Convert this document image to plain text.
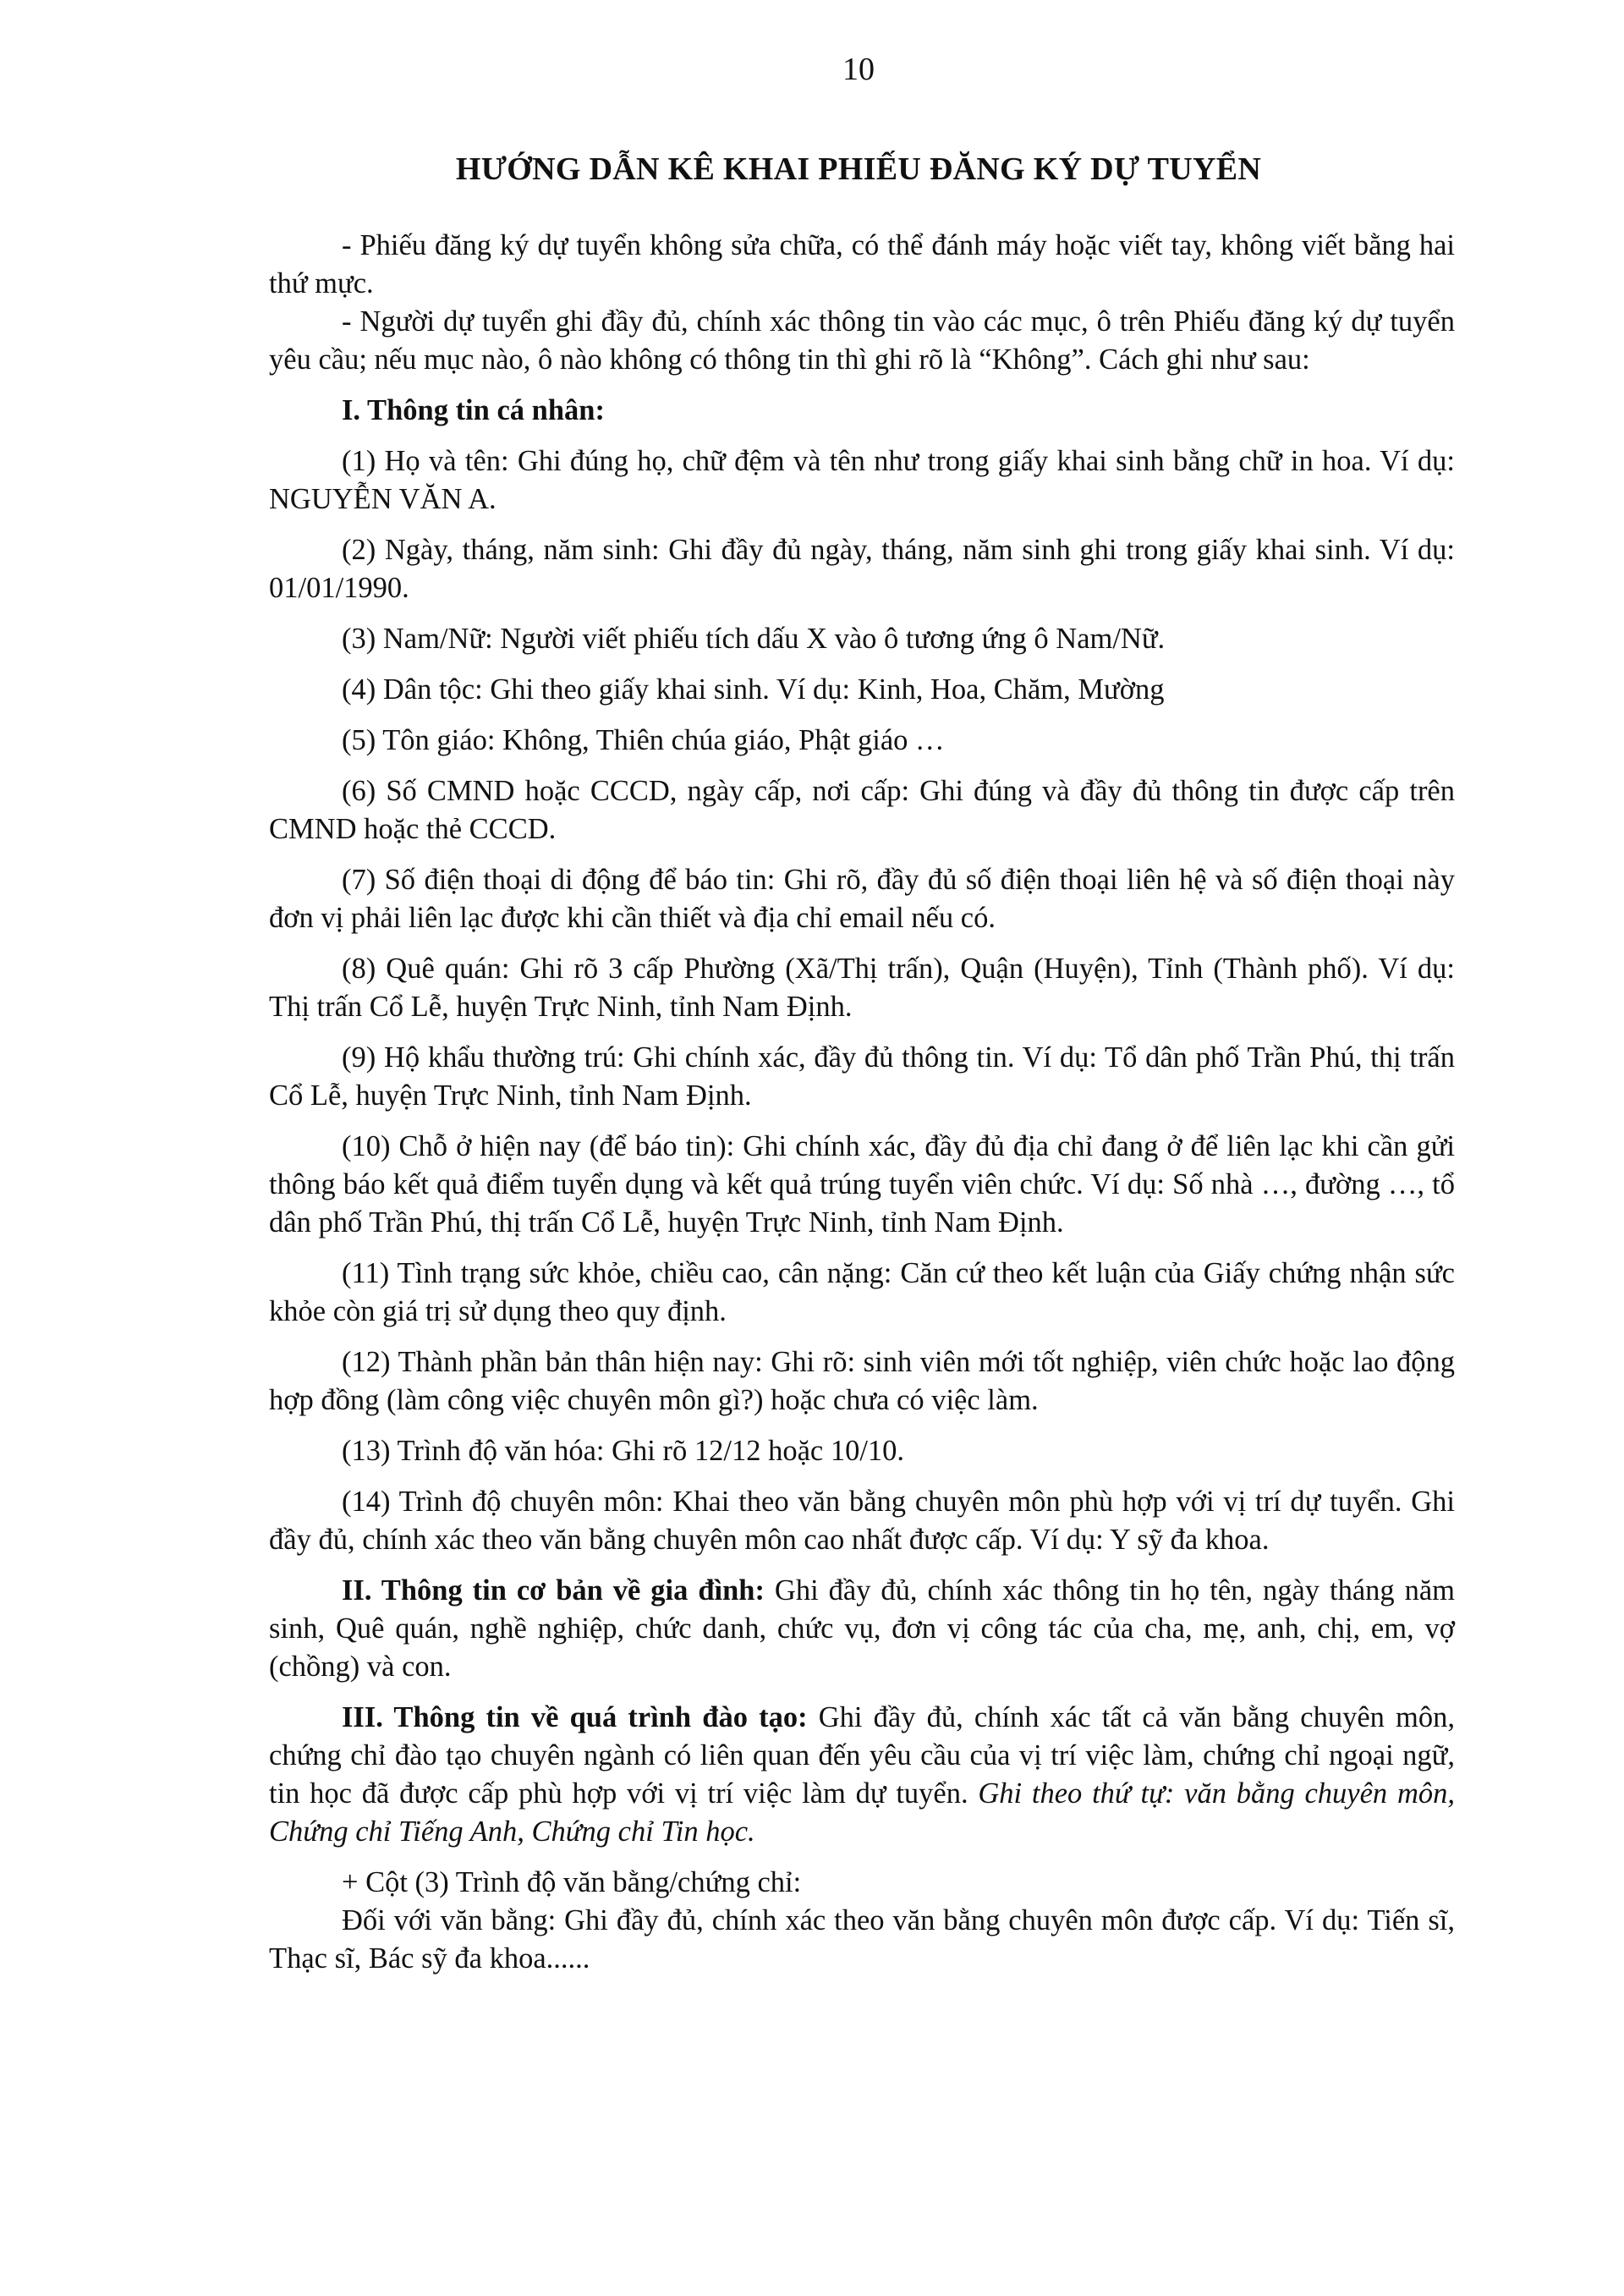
10
HƯỚNG DẪN KÊ KHAI PHIẾU ĐĂNG KÝ DỰ TUYỂN

- Phiếu đăng ký dự tuyển không sửa chữa, có thể đánh máy hoặc viết tay, không viết bằng hai thứ mực.

- Người dự tuyển ghi đầy đủ, chính xác thông tin vào các mục, ô trên Phiếu đăng ký dự tuyển yêu cầu; nếu mục nào, ô nào không có thông tin thì ghi rõ là “Không”. Cách ghi như sau:

I. Thông tin cá nhân:

(1) Họ và tên: Ghi đúng họ, chữ đệm và tên như trong giấy khai sinh bằng chữ in hoa. Ví dụ: NGUYỄN VĂN A.

(2) Ngày, tháng, năm sinh: Ghi đầy đủ ngày, tháng, năm sinh ghi trong giấy khai sinh. Ví dụ: 01/01/1990.

(3) Nam/Nữ: Người viết phiếu tích dấu X vào ô tương ứng ô Nam/Nữ.

(4) Dân tộc: Ghi theo giấy khai sinh. Ví dụ: Kinh, Hoa, Chăm, Mường

(5) Tôn giáo: Không, Thiên chúa giáo, Phật giáo …

(6) Số CMND hoặc CCCD, ngày cấp, nơi cấp: Ghi đúng và đầy đủ thông tin được cấp trên CMND hoặc thẻ CCCD.

(7) Số điện thoại di động để báo tin: Ghi rõ, đầy đủ số điện thoại liên hệ và số điện thoại này đơn vị phải liên lạc được khi cần thiết và địa chỉ email nếu có.

(8) Quê quán: Ghi rõ 3 cấp Phường (Xã/Thị trấn), Quận (Huyện), Tỉnh (Thành phố). Ví dụ: Thị trấn Cổ Lễ, huyện Trực Ninh, tỉnh Nam Định.

(9) Hộ khẩu thường trú: Ghi chính xác, đầy đủ thông tin. Ví dụ: Tổ dân phố Trần Phú, thị trấn Cổ Lễ, huyện Trực Ninh, tỉnh Nam Định.

(10) Chỗ ở hiện nay (để báo tin): Ghi chính xác, đầy đủ địa chỉ đang ở để liên lạc khi cần gửi thông báo kết quả điểm tuyển dụng và kết quả trúng tuyển viên chức. Ví dụ: Số nhà …, đường …, tổ dân phố Trần Phú, thị trấn Cổ Lễ, huyện Trực Ninh, tỉnh Nam Định.

(11) Tình trạng sức khỏe, chiều cao, cân nặng: Căn cứ theo kết luận của Giấy chứng nhận sức khỏe còn giá trị sử dụng theo quy định.

(12) Thành phần bản thân hiện nay: Ghi rõ: sinh viên mới tốt nghiệp, viên chức hoặc lao động hợp đồng (làm công việc chuyên môn gì?) hoặc chưa có việc làm.

(13) Trình độ văn hóa: Ghi rõ 12/12 hoặc 10/10.

(14) Trình độ chuyên môn: Khai theo văn bằng chuyên môn phù hợp với vị trí dự tuyển. Ghi đầy đủ, chính xác theo văn bằng chuyên môn cao nhất được cấp. Ví dụ: Y sỹ đa khoa.

II. Thông tin cơ bản về gia đình: Ghi đầy đủ, chính xác thông tin họ tên, ngày tháng năm sinh, Quê quán, nghề nghiệp, chức danh, chức vụ, đơn vị công tác của cha, mẹ, anh, chị, em, vợ (chồng) và con.

III. Thông tin về quá trình đào tạo: Ghi đầy đủ, chính xác tất cả văn bằng chuyên môn, chứng chỉ đào tạo chuyên ngành có liên quan đến yêu cầu của vị trí việc làm, chứng chỉ ngoại ngữ, tin học đã được cấp phù hợp với vị trí việc làm dự tuyển. Ghi theo thứ tự: văn bằng chuyên môn, Chứng chỉ Tiếng Anh, Chứng chỉ Tin học.

+ Cột (3) Trình độ văn bằng/chứng chỉ:

Đối với văn bằng: Ghi đầy đủ, chính xác theo văn bằng chuyên môn được cấp. Ví dụ: Tiến sĩ, Thạc sĩ, Bác sỹ đa khoa......
